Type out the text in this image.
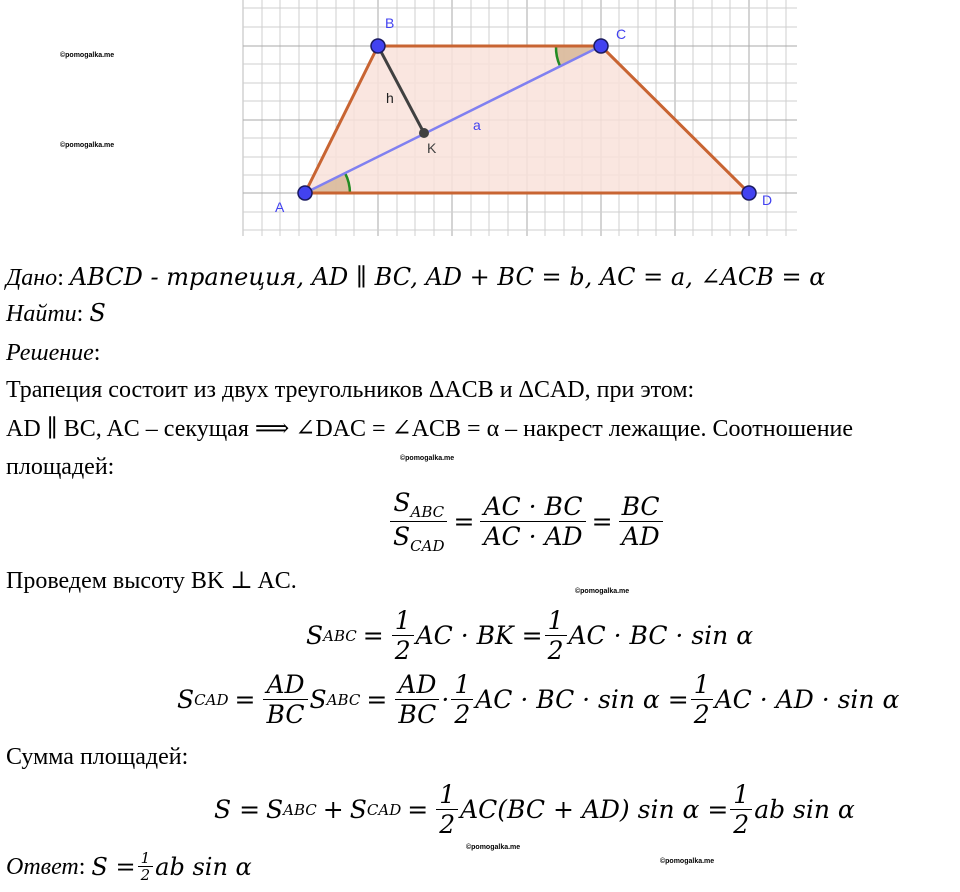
A
B
C
D
K
h
a
©pomogalka.me
©pomogalka.me
©pomogalka.me
©pomogalka.me
©pomogalka.me
©pomogalka.me
Дано: ABCD - трапеция, AD ∥ BC, AD + BC = b, AC = a, ∠ACB = α
Найти: S
Решение:
Трапеция состоит из двух треугольников ΔACB и ΔCAD, при этом:
AD ∥ BC, AC – секущая ⟹ ∠DAC = ∠ACB = α – накрест лежащие. Соотношение
площадей:
$\frac{S_{ABC}}{S_{CAD}} = \frac{AC \cdot BC}{AC \cdot AD} = \frac{BC}{AD}$
Проведем высоту BK ⊥ AC.
S ABC = $\frac{1}{2}$ AC · BK = $\frac{1}{2}$ AC · BC · sin α
S CAD = $\frac{AD}{BC}$ S ABC = $\frac{AD}{BC} \cdot \frac{1}{2}$ AC · BC · $\sin \alpha = \frac{1}{2}$ AC · AD · sin α
Сумма площадей:
S = S ABC + S CAD = $\frac{1}{2} AC(BC + AD)$ $\sin \alpha = \frac{1}{2}$ ab sin α
Ответ : $S = \frac{1}{2}$ ab sin α
